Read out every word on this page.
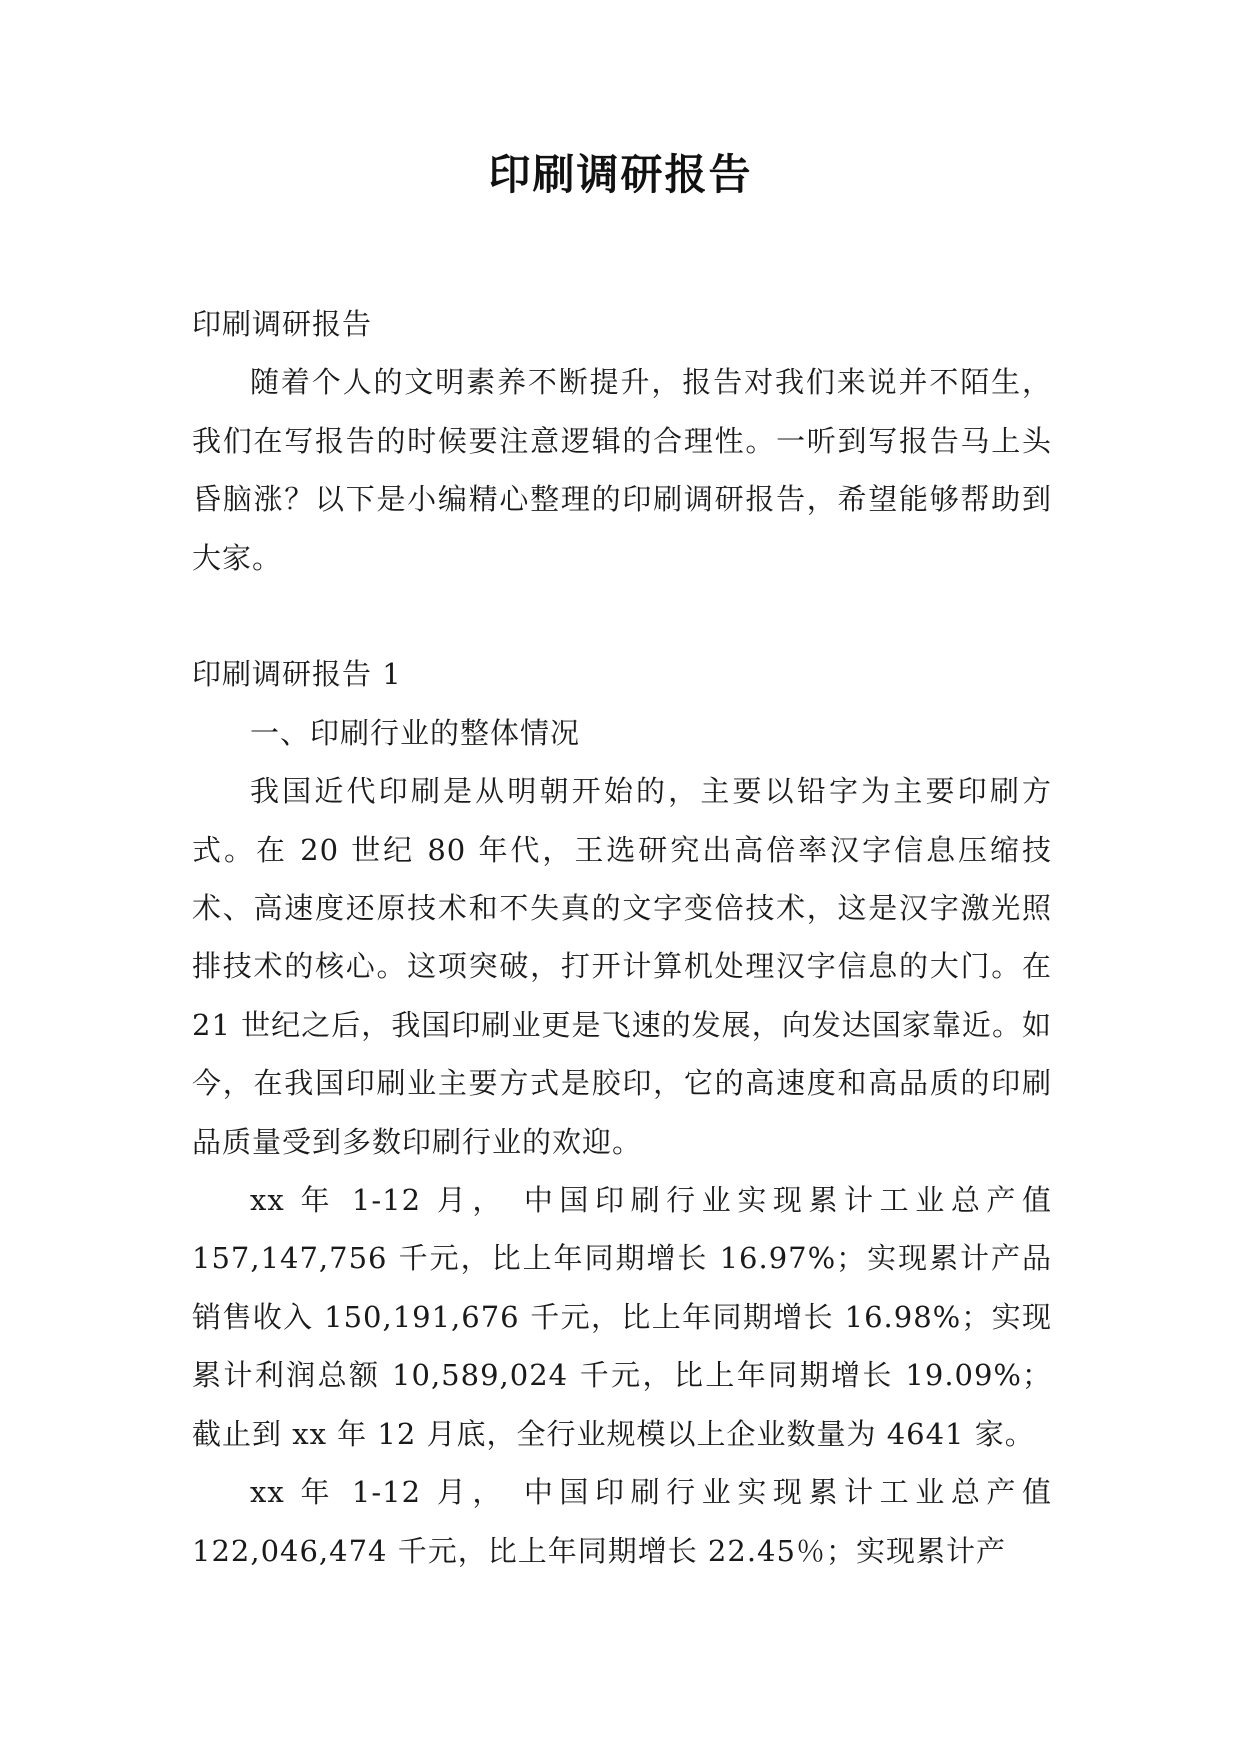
印刷调研报告

印刷调研报告

随着个人的文明素养不断提升，报告对我们来说并不陌生，我们在写报告的时候要注意逻辑的合理性。一听到写报告马上头昏脑涨？以下是小编精心整理的印刷调研报告，希望能够帮助到大家。

印刷调研报告 1

一、印刷行业的整体情况

我国近代印刷是从明朝开始的，主要以铅字为主要印刷方式。在 20 世纪 80 年代，王选研究出高倍率汉字信息压缩技术、高速度还原技术和不失真的文字变倍技术，这是汉字激光照排技术的核心。这项突破，打开计算机处理汉字信息的大门。在 21 世纪之后，我国印刷业更是飞速的发展，向发达国家靠近。如今，在我国印刷业主要方式是胶印，它的高速度和高品质的印刷品质量受到多数印刷行业的欢迎。

xx 年 1-12 月， 中国印刷行业实现累计工业总产值 157,147,756 千元，比上年同期增长 16.97%；实现累计产品销售收入 150,191,676 千元，比上年同期增长 16.98%；实现累计利润总额 10,589,024 千元，比上年同期增长 19.09%；截止到 xx 年 12 月底，全行业规模以上企业数量为 4641 家。

xx 年 1-12 月， 中国印刷行业实现累计工业总产值 122,046,474 千元，比上年同期增长 22.45％；实现累计产
